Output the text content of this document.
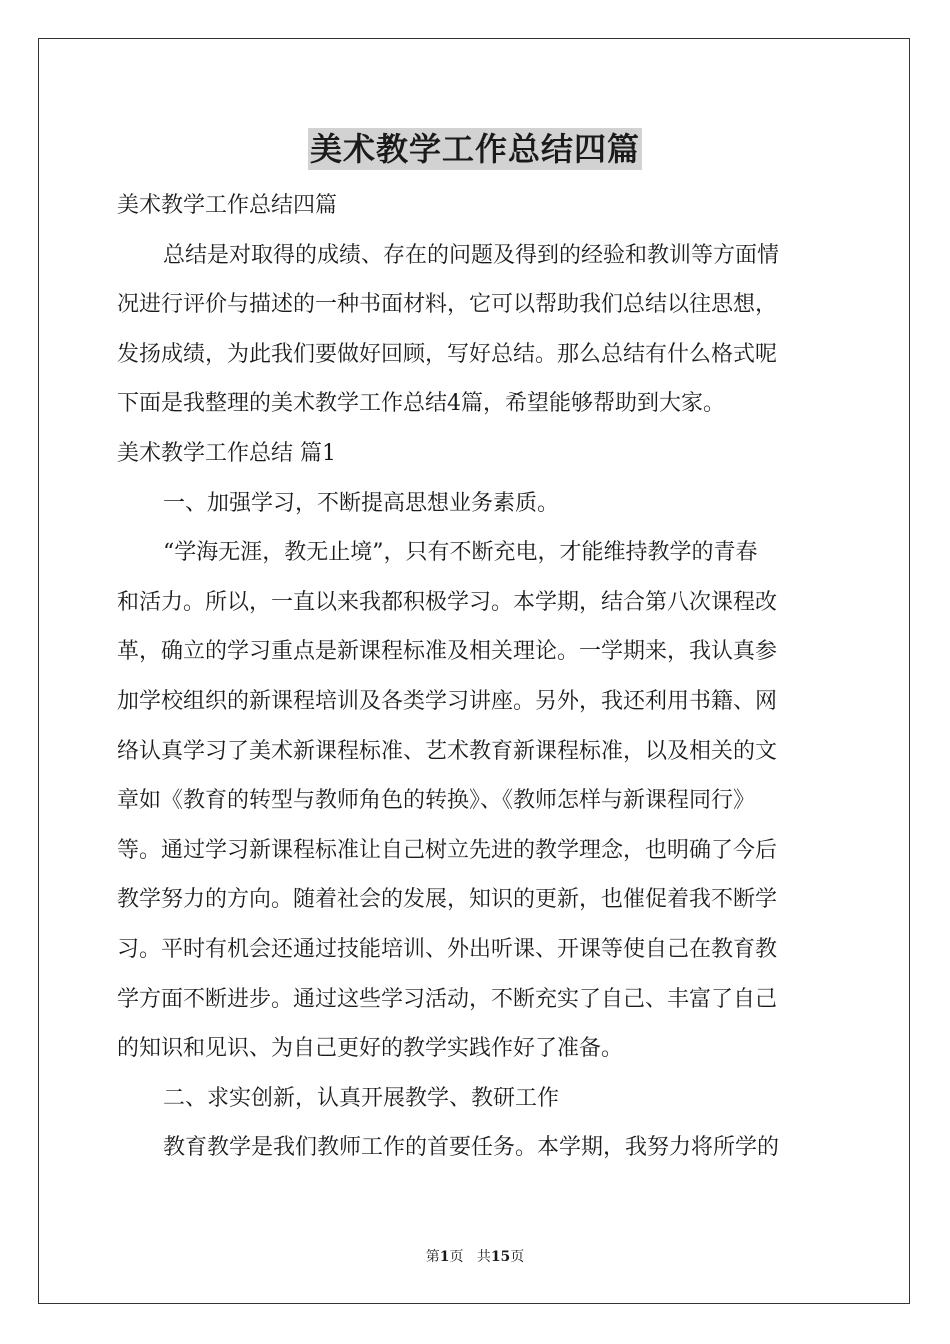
美术教学工作总结四篇
美术教学工作总结四篇
总结是对取得的成绩、存在的问题及得到的经验和教训等方面情
况进行评价与描述的一种书面材料，它可以帮助我们总结以往思想，
发扬成绩，为此我们要做好回顾，写好总结。那么总结有什么格式呢
下面是我整理的美术教学工作总结4篇，希望能够帮助到大家。
美术教学工作总结 篇1
一、加强学习，不断提高思想业务素质。
“学海无涯，教无止境”，只有不断充电，才能维持教学的青春
和活力。所以，一直以来我都积极学习。本学期，结合第八次课程改
革，确立的学习重点是新课程标准及相关理论。一学期来，我认真参
加学校组织的新课程培训及各类学习讲座。另外，我还利用书籍、网
络认真学习了美术新课程标准、艺术教育新课程标准，以及相关的文
章如《教育的转型与教师角色的转换》、《教师怎样与新课程同行》
等。通过学习新课程标准让自己树立先进的教学理念，也明确了今后
教学努力的方向。随着社会的发展，知识的更新，也催促着我不断学
习。平时有机会还通过技能培训、外出听课、开课等使自己在教育教
学方面不断进步。通过这些学习活动，不断充实了自己、丰富了自己
的知识和见识、为自己更好的教学实践作好了准备。
二、求实创新，认真开展教学、教研工作
教育教学是我们教师工作的首要任务。本学期，我努力将所学的
第1页 共15页
